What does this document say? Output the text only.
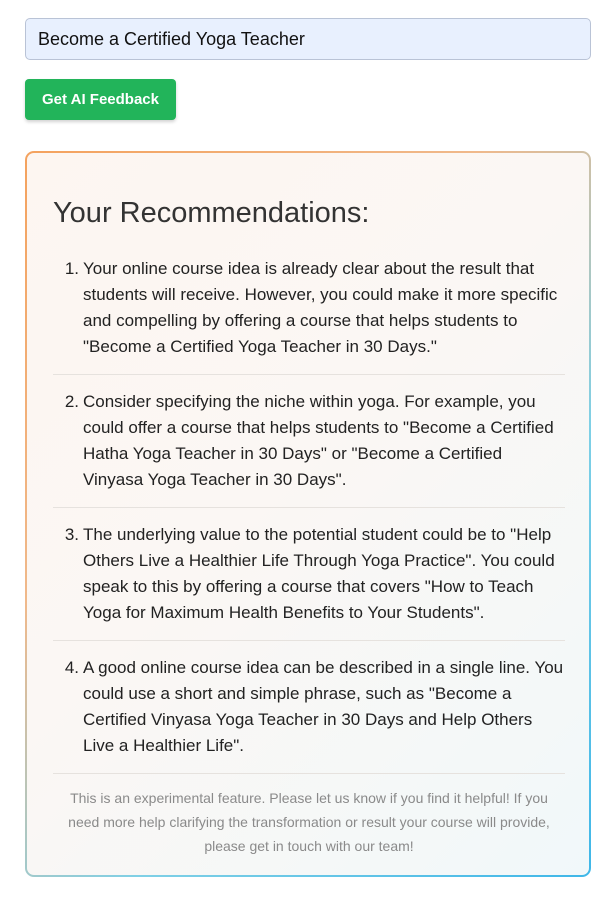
Become a Certified Yoga Teacher
Get AI Feedback
Your Recommendations:
1. Your online course idea is already clear about the result that students will receive. However, you could make it more specific and compelling by offering a course that helps students to "Become a Certified Yoga Teacher in 30 Days."
2. Consider specifying the niche within yoga. For example, you could offer a course that helps students to "Become a Certified Hatha Yoga Teacher in 30 Days" or "Become a Certified Vinyasa Yoga Teacher in 30 Days".
3. The underlying value to the potential student could be to "Help Others Live a Healthier Life Through Yoga Practice". You could speak to this by offering a course that covers "How to Teach Yoga for Maximum Health Benefits to Your Students".
4. A good online course idea can be described in a single line. You could use a short and simple phrase, such as "Become a Certified Vinyasa Yoga Teacher in 30 Days and Help Others Live a Healthier Life".

This is an experimental feature. Please let us know if you find it helpful! If you need more help clarifying the transformation or result your course will provide, please get in touch with our team!
